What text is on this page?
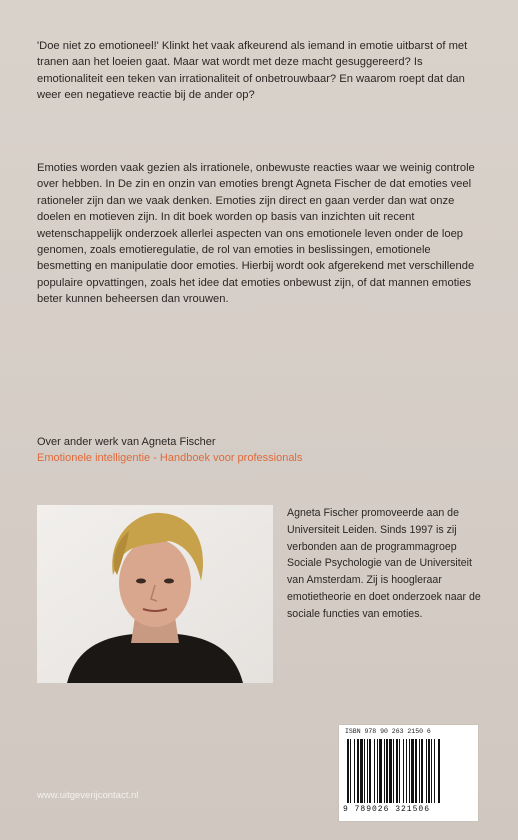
'Doe niet zo emotioneel!' Klinkt het vaak afkeurend als iemand in emotie uitbarst of met tranen aan het loeien gaat. Maar wat wordt met deze macht gesuggereerd? Is emotionaliteit een teken van irrationaliteit of onbetrouwbaar? En waarom roept dat dan weer een negatieve reactie bij de ander op?

Emoties worden vaak gezien als irrationele, onbewuste reacties waar we weinig controle over hebben. In De zin en onzin van emoties brengt Agneta Fischer de dat emoties veel rationeler zijn dan we vaak denken. Emoties zijn direct en gaan verder dan wat onze doelen en motieven zijn. In dit boek worden op basis van inzichten uit recent wetenschappelijk onderzoek allerlei aspecten van ons emotionele leven onder de loep genomen, zoals emotieregulatie, de rol van emoties in beslissingen, emotionele besmetting en manipulatie door emoties. Hierbij wordt ook afgerekend met verschillende populaire opvattingen, zoals het idee dat emoties onbewust zijn, of dat mannen emoties beter kunnen beheersen dan vrouwen.

Over ander werk van Agneta Fischer

Emotionele intelligentie - Handboek voor professionals

Agneta Fischer promoveerde aan de Universiteit Leiden. Sinds 1997 is zij verbonden aan de programmagroep Sociale Psychologie van de Universiteit van Amsterdam. Zij is hoogleraar emotietheorie en doet onderzoek naar de sociale functies van emoties.

ISBN 978 90 263 2150 6
9 789026 321506

www.uitgeverijcontact.nl
